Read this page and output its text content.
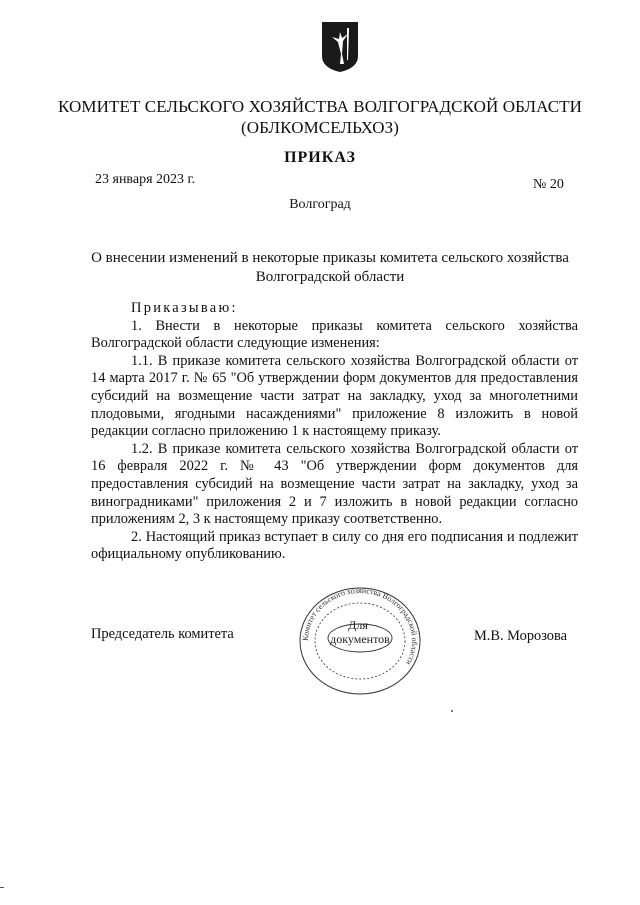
КОМИТЕТ СЕЛЬСКОГО ХОЗЯЙСТВА ВОЛГОГРАДСКОЙ ОБЛАСТИ
(ОБЛКОМСЕЛЬХОЗ)
ПРИКАЗ
23 января 2023 г.	№ 20
Волгоград
О внесении изменений в некоторые приказы комитета сельского хозяйства
Волгоградской области

Приказываю:

1. Внести в некоторые приказы комитета сельского хозяйства Волгоградской области следующие изменения:

1.1. В приказе комитета сельского хозяйства Волгоградской области от 14 марта 2017 г. № 65 "Об утверждении форм документов для предоставления субсидий на возмещение части затрат на закладку, уход за многолетними плодовыми, ягодными насаждениями" приложение 8 изложить в новой редакции согласно приложению 1 к настоящему приказу.

1.2. В приказе комитета сельского хозяйства Волгоградской области от 16 февраля 2022 г. № 43 "Об утверждении форм документов для предоставления субсидий на возмещение части затрат на закладку, уход за виноградниками" приложения 2 и 7 изложить в новой редакции согласно приложениям 2, 3 к настоящему приказу соответственно.

2. Настоящий приказ вступает в силу со дня его подписания и подлежит официальному опубликованию.

Председатель комитета	Комитет сельского хозяйства Волгоградской области
Для
документов	М.В. Морозова
